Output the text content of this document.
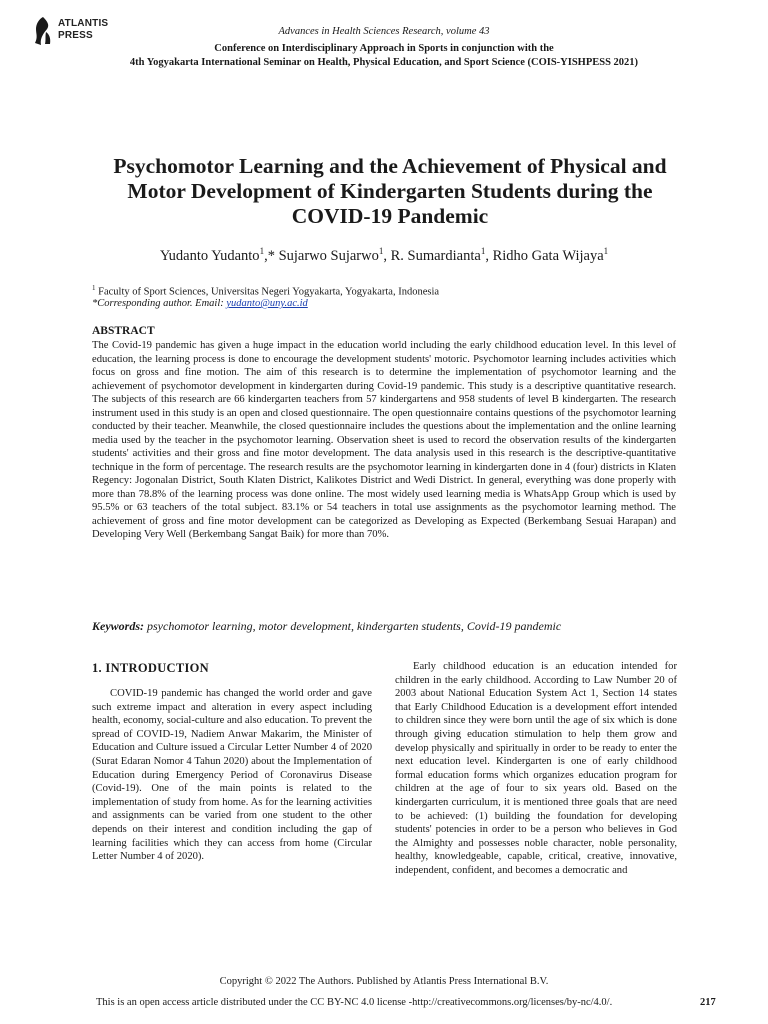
ATLANTIS
PRESS	Advances in Health Sciences Research, volume 43
Conference on Interdisciplinary Approach in Sports in conjunction with the
4th Yogyakarta International Seminar on Health, Physical Education, and Sport Science (COIS-YISHPESS 2021)
Psychomotor Learning and the Achievement of Physical and Motor Development of Kindergarten Students during the COVID-19 Pandemic
Yudanto Yudanto$^1$,* Sujarwo Sujarwo$^1$, R. Sumardianta$^1$, Ridho Gata Wijaya$^1$
$^1$ Faculty of Sport Sciences, Universitas Negeri Yogyakarta, Yogyakarta, Indonesia
*Corresponding author. Email: yudanto@uny.ac.id
ABSTRACT

The Covid-19 pandemic has given a huge impact in the education world including the early childhood education level. In this level of education, the learning process is done to encourage the development students' motoric. Psychomotor learning includes activities which focus on gross and fine motion. The aim of this research is to determine the implementation of psychomotor learning and the achievement of psychomotor development in kindergarten during Covid-19 pandemic. This study is a descriptive quantitative research. The subjects of this research are 66 kindergarten teachers from 57 kindergartens and 958 students of level B kindergarten. The research instrument used in this study is an open and closed questionnaire. The open questionnaire contains questions of the psychomotor learning conducted by their teacher. Meanwhile, the closed questionnaire includes the questions about the implementation and the online learning media used by the teacher in the psychomotor learning. Observation sheet is used to record the observation results of the kindergarten students' activities and their gross and fine motor development. The data analysis used in this research is the descriptive-quantitative technique in the form of percentage. The research results are the psychomotor learning in kindergarten done in 4 (four) districts in Klaten Regency: Jogonalan District, South Klaten District, Kalikotes District and Wedi District. In general, everything was done properly with more than 78.8% of the learning process was done online. The most widely used learning media is WhatsApp Group which is used by 95.5% or 63 teachers of the total subject. 83.1% or 54 teachers in total use assignments as the psychomotor learning method. The achievement of gross and fine motor development can be categorized as Developing as Expected (Berkembang Sesuai Harapan) and Developing Very Well (Berkembang Sangat Baik) for more than 70%.

Keywords: psychomotor learning, motor development, kindergarten students, Covid-19 pandemic
1. INTRODUCTION

COVID-19 pandemic has changed the world order and gave such extreme impact and alteration in every aspect including health, economy, social-culture and also education. To prevent the spread of COVID-19, Nadiem Anwar Makarim, the Minister of Education and Culture issued a Circular Letter Number 4 of 2020 (Surat Edaran Nomor 4 Tahun 2020) about the Implementation of Education during Emergency Period of Coronavirus Disease (Covid-19). One of the main points is related to the implementation of study from home. As for the learning activities and assignments can be varied from one student to the other depends on their interest and condition including the gap of learning facilities which they can access from home (Circular Letter Number 4 of 2020).

Early childhood education is an education intended for children in the early childhood. According to Law Number 20 of 2003 about National Education System Act 1, Section 14 states that Early Childhood Education is a development effort intended to children since they were born until the age of six which is done through giving education stimulation to help them grow and develop physically and spiritually in order to be ready to enter the next education level. Kindergarten is one of early childhood formal education forms which organizes education program for children at the age of four to six years old. Based on the kindergarten curriculum, it is mentioned three goals that are need to be achieved: (1) building the foundation for developing students' potencies in order to be a person who believes in God the Almighty and possesses noble character, noble personality, healthy, knowledgeable, capable, critical, creative, innovative, independent, confident, and becomes a democratic and

Copyright © 2022 The Authors. Published by Atlantis Press International B.V.
This is an open access article distributed under the CC BY-NC 4.0 license -http://creativecommons.org/licenses/by-nc/4.0/.	217
